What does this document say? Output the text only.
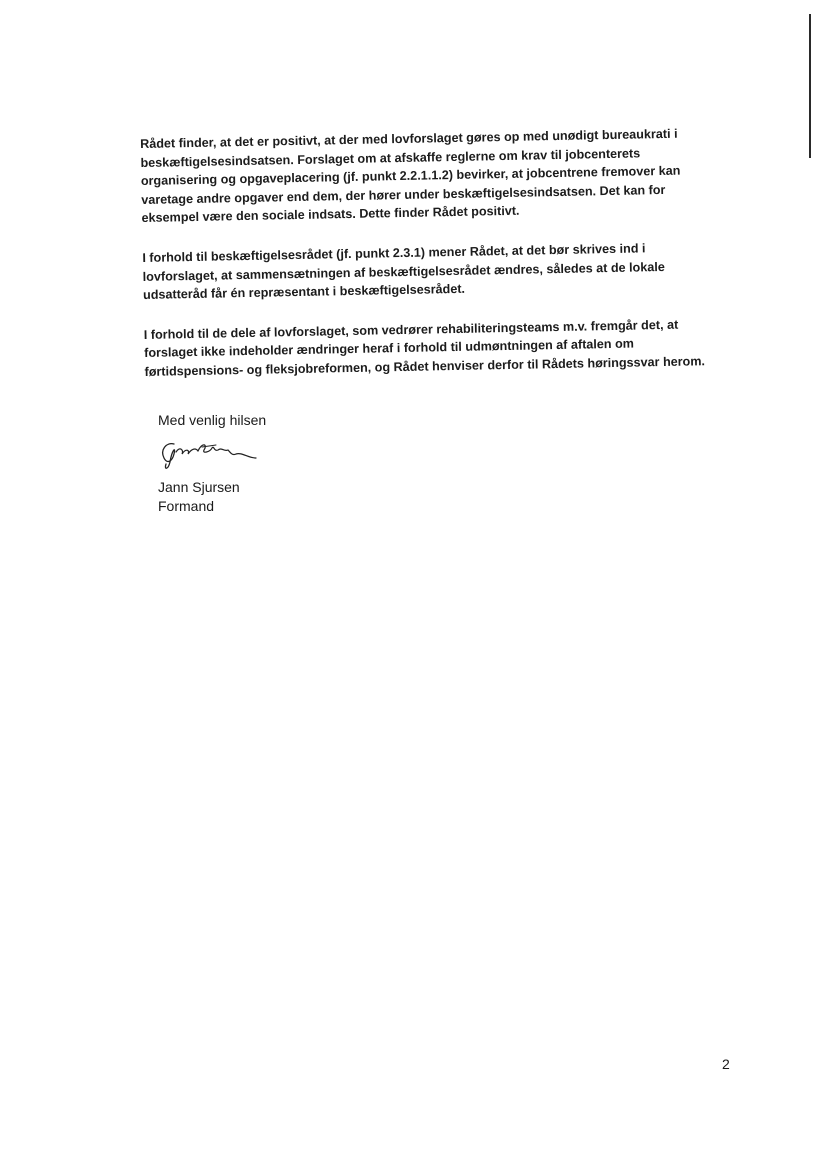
Rådet finder, at det er positivt, at der med lovforslaget gøres op med unødigt bureaukrati i
beskæftigelsesindsatsen. Forslaget om at afskaffe reglerne om krav til jobcenterets
organisering og opgaveplacering (jf. punkt 2.2.1.1.2) bevirker, at jobcentrene fremover kan
varetage andre opgaver end dem, der hører under beskæftigelsesindsatsen. Det kan for
eksempel være den sociale indsats. Dette finder Rådet positivt.

I forhold til beskæftigelsesrådet (jf. punkt 2.3.1) mener Rådet, at det bør skrives ind i
lovforslaget, at sammensætningen af beskæftigelsesrådet ændres, således at de lokale
udsatteråd får én repræsentant i beskæftigelsesrådet.

I forhold til de dele af lovforslaget, som vedrører rehabiliteringsteams m.v. fremgår det, at
forslaget ikke indeholder ændringer heraf i forhold til udmøntningen af aftalen om
førtidspensions- og fleksjobreformen, og Rådet henviser derfor til Rådets høringssvar herom.

Med venlig hilsen
Jann Sjursen
Formand
2
